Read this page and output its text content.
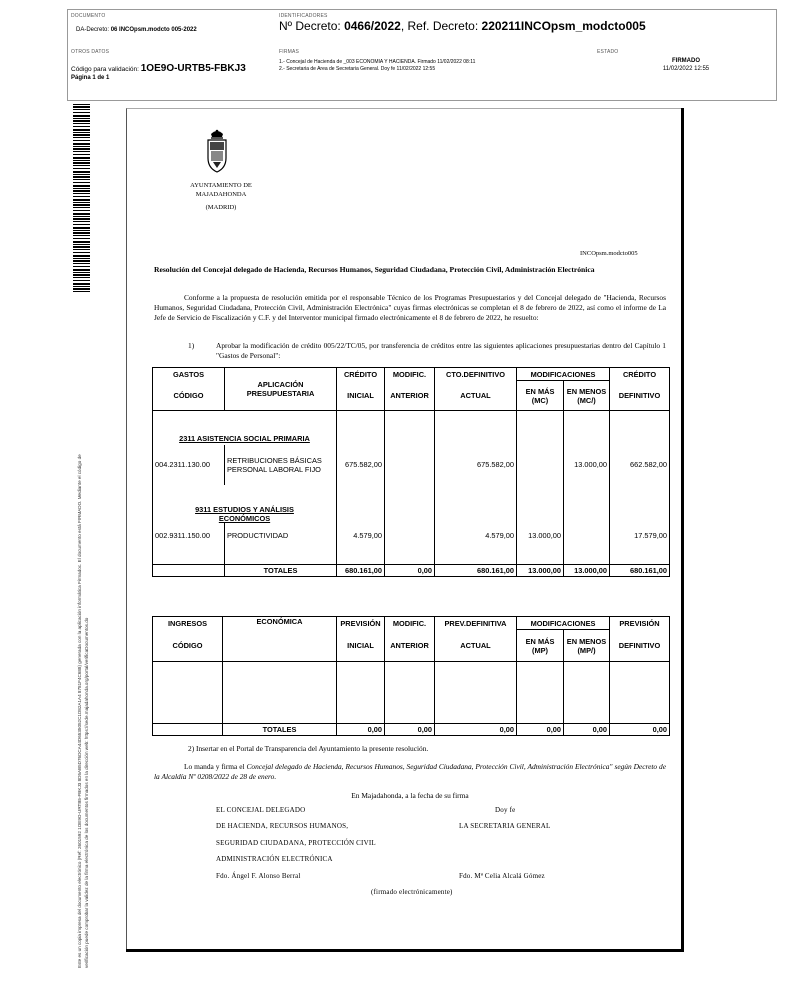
DOCUMENTO
DA-Decreto: 06 INCOpsm.modcto 005-2022
IDENTIFICADORES
Nº Decreto: 0466/2022, Ref. Decreto: 220211INCOpsm_modcto005
OTROS DATOS
Código para validación: 1OE9O-URTB5-FBKJ3
Página 1 de 1
FIRMAS
1.- Concejal de Hacienda de _003 ECONOMIA Y HACIENDA. Firmado 11/02/2022 08:11
2.- Secretaria de Area de Secretaria General. Doy fe 11/02/2022 12:55
ESTADO
FIRMADO
11/02/2022 12:55
Este es un copia impresa del documento electrónico (Ref: 2601592 1OE9O-URTB5-FBKJ3 8D5AB5D76DCA44D6535052C1D82A1A4 8781F4C688) generada con la aplicación informática Firmadoc. El documento está FIRMADO. Mediante el código de verificación puede comprobar la validez de la firma electrónica de los documentos firmados en la dirección web: https://sede.majadahonda.org/portal/verificaDocumentos.do
AYUNTAMIENTO DE
MAJADAHONDA
(MADRID)
INCOpsm.modcto005
Resolución del Concejal delegado de Hacienda, Recursos Humanos, Seguridad Ciudadana, Protección Civil, Administración Electrónica
Conforme a la propuesta de resolución emitida por el responsable Técnico de los Programas Presupuestarios y del Concejal delegado de "Hacienda, Recursos Humanos, Seguridad Ciudadana, Protección Civil, Administración Electrónica" cuyas firmas electrónicas se completan el 8 de febrero de 2022, así como el informe de La Jefe de Servicio de Fiscalización y C.F. y del Interventor municipal firmado electrónicamente el 8 de febrero de 2022, he resuelto:
1)	Aprobar la modificación de crédito 005/22/TC/05, por transferencia de créditos entre las siguientes aplicaciones presupuestarias dentro del Capítulo 1 "Gastos de Personal":
GASTOS	APLICACIÓN PRESUPUESTARIA	CRÉDITO	MODIFIC.	CTO.DEFINITIVO	MODIFICACIONES		CRÉDITO
CÓDIGO		INICIAL	ANTERIOR	ACTUAL	EN MÁS (MC)	EN MENOS (MC/)	DEFINITIVO
2311 ASISTENCIA SOCIAL PRIMARIA							
004.2311.130.00	RETRIBUCIONES BÁSICAS PERSONAL LABORAL FIJO	675.582,00		675.582,00		13.000,00	662.582,00
9311 ESTUDIOS Y ANÁLISIS ECONÓMICOS							
002.9311.150.00	PRODUCTIVIDAD	4.579,00		4.579,00	13.000,00		17.579,00

	TOTALES	680.161,00	0,00	680.161,00	13.000,00	13.000,00	680.161,00
INGRESOS	ECONÓMICA	PREVISIÓN	MODIFIC.	PREV.DEFINITIVA	MODIFICACIONES		PREVISIÓN
CÓDIGO		INICIAL	ANTERIOR	ACTUAL	EN MÁS (MP)	EN MENOS (MP/)	DEFINITIVO

	TOTALES	0,00	0,00	0,00	0,00	0,00	0,00
2) Insertar en el Portal de Transparencia del Ayuntamiento la presente resolución.
Lo manda y firma el Concejal delegado de Hacienda, Recursos Humanos, Seguridad Ciudadana, Protección Civil, Administración Electrónica" según Decreto de la Alcaldía Nº 0208/2022 de 28 de enero.
En Majadahonda, a la fecha de su firma
EL CONCEJAL DELEGADO	Doy fe
DE HACIENDA, RECURSOS HUMANOS,	LA SECRETARIA GENERAL
SEGURIDAD CIUDADANA, PROTECCIÓN CIVIL
ADMINISTRACIÓN ELECTRÓNICA
Fdo. Ángel F. Alonso Berral	Fdo. Mª Celia Alcalá Gómez
(firmado electrónicamente)
